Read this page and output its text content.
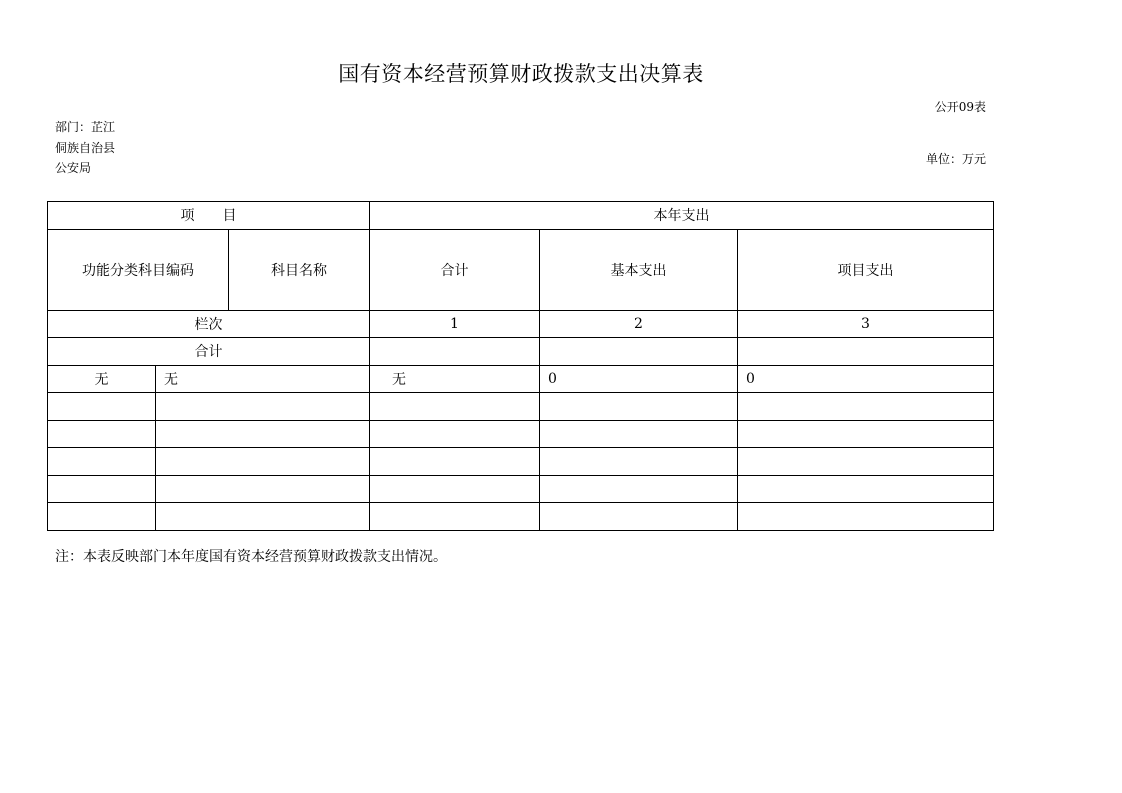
国有资本经营预算财政拨款支出决算表
公开09表
部门：芷江侗族自治县公安局
单位：万元
项　　目			本年支出		
功能分类科目编码		科目名称	合计	基本支出	项目支出
栏次			1	2	3
合计					
无	无		无	0	0

注：本表反映部门本年度国有资本经营预算财政拨款支出情况。
